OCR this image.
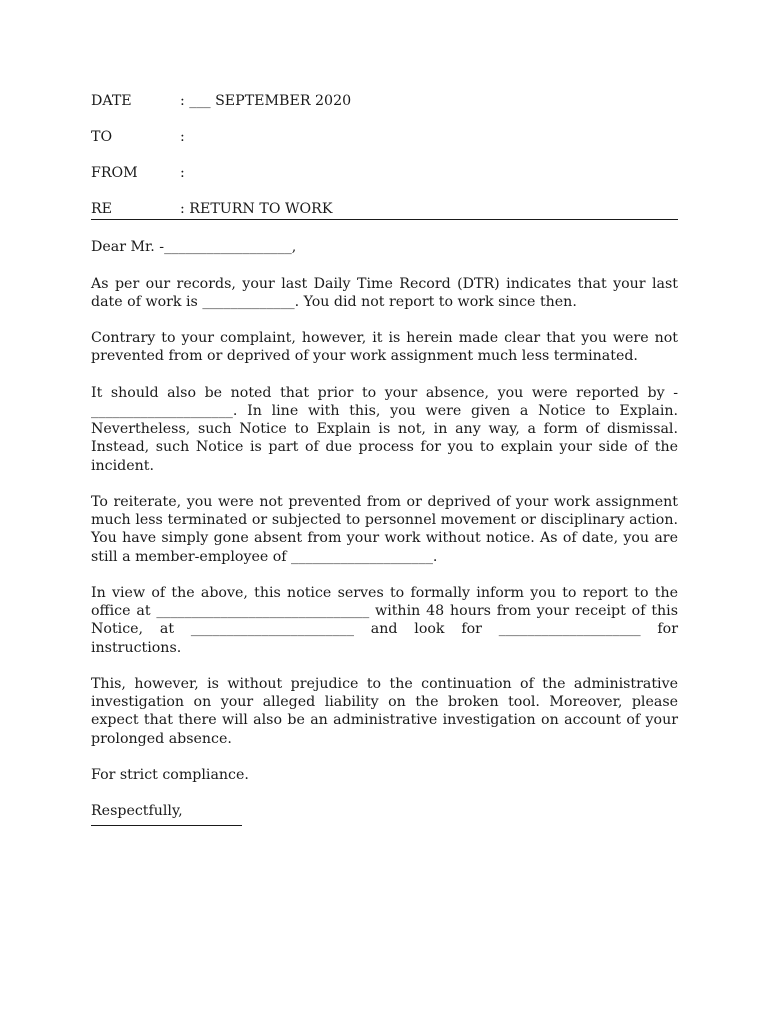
DATE	: ___ SEPTEMBER 2020
TO	:
FROM	:
RE	: RETURN TO WORK

Dear Mr. -__________________,

As per our records, your last Daily Time Record (DTR) indicates that your last date of work is _____________. You did not report to work since then.

Contrary to your complaint, however, it is herein made clear that you were not prevented from or deprived of your work assignment much less terminated.

It should also be noted that prior to your absence, you were reported by - ____________________. In line with this, you were given a Notice to Explain. Nevertheless, such Notice to Explain is not, in any way, a form of dismissal. Instead, such Notice is part of due process for you to explain your side of the incident.

To reiterate, you were not prevented from or deprived of your work assignment much less terminated or subjected to personnel movement or disciplinary action. You have simply gone absent from your work without notice. As of date, you are still a member-employee of ____________________.

In view of the above, this notice serves to formally inform you to report to the office at ______________________________ within 48 hours from your receipt of this Notice, at _______________________ and look for ____________________ for instructions.

This, however, is without prejudice to the continuation of the administrative investigation on your alleged liability on the broken tool. Moreover, please expect that there will also be an administrative investigation on account of your prolonged absence.

For strict compliance.

Respectfully,
